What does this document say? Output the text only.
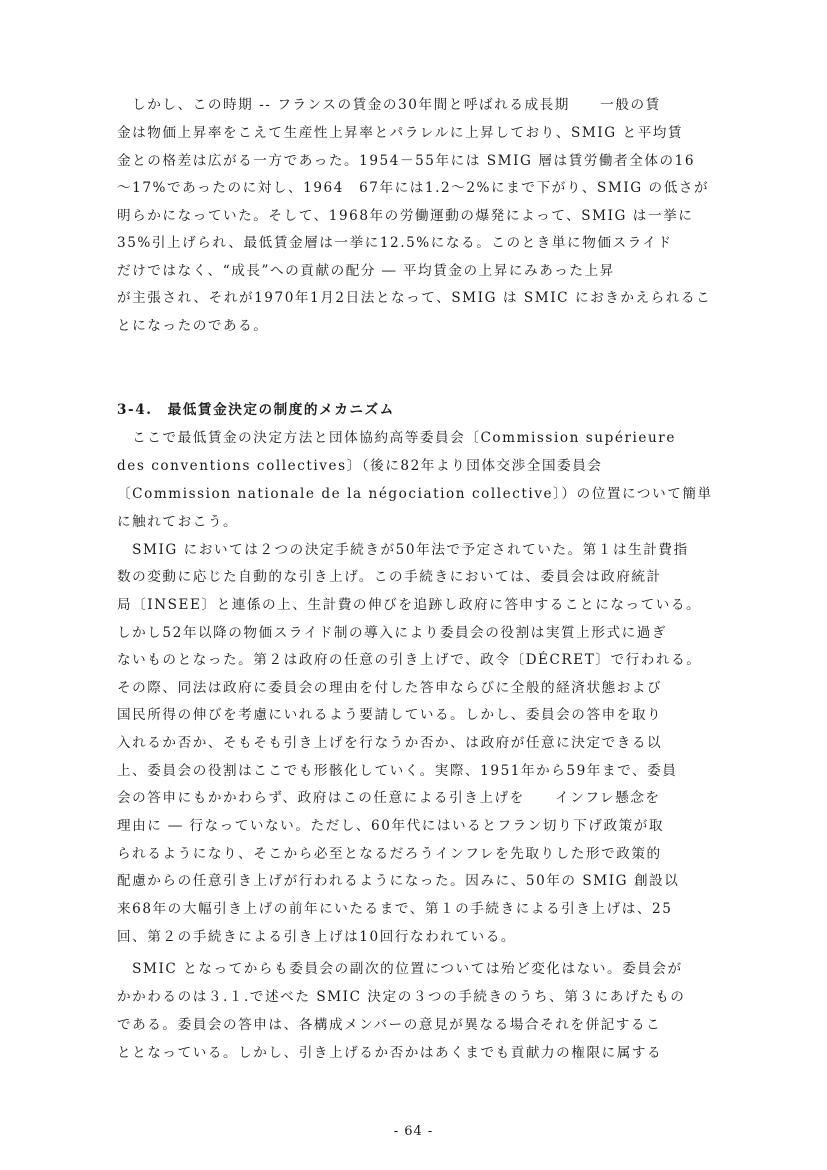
　しかし、この時期 -- フランスの賃金の30年間と呼ばれる成長期　　一般の賃
金は物価上昇率をこえて生産性上昇率とパラレルに上昇しており、SMIG と平均賃
金との格差は広がる一方であった。1954－55年には SMIG 層は賃労働者全体の16
～17%であったのに対し、1964　67年には1.2～2%にまで下がり、SMIG の低さが
明らかになっていた。そして、1968年の労働運動の爆発によって、SMIG は一挙に
35%引上げられ、最低賃金層は一挙に12.5%になる。このとき単に物価スライド
だけではなく、“成長”への貢献の配分 ― 平均賃金の上昇にみあった上昇
が主張され、それが1970年1月2日法となって、SMIG は SMIC におきかえられるこ
とになったのである。
3-4.　最低賃金決定の制度的メカニズム
　ここで最低賃金の決定方法と団体協約高等委員会〔Commission supérieure
des conventions collectives〕（後に82年より団体交渉全国委員会
〔Commission nationale de la négociation collective〕）の位置について簡単
に触れておこう。
　SMIG においては２つの決定手続きが50年法で予定されていた。第１は生計費指
数の変動に応じた自動的な引き上げ。この手続きにおいては、委員会は政府統計
局〔INSEE〕と連係の上、生計費の伸びを追跡し政府に答申することになっている。
しかし52年以降の物価スライド制の導入により委員会の役割は実質上形式に過ぎ
ないものとなった。第２は政府の任意の引き上げで、政令〔DÉCRET〕で行われる。
その際、同法は政府に委員会の理由を付した答申ならびに全般的経済状態および
国民所得の伸びを考慮にいれるよう要請している。しかし、委員会の答申を取り
入れるか否か、そもそも引き上げを行なうか否か、は政府が任意に決定できる以
上、委員会の役割はここでも形骸化していく。実際、1951年から59年まで、委員
会の答申にもかかわらず、政府はこの任意による引き上げを　　インフレ懸念を
理由に ― 行なっていない。ただし、60年代にはいるとフラン切り下げ政策が取
られるようになり、そこから必至となるだろうインフレを先取りした形で政策的
配慮からの任意引き上げが行われるようになった。因みに、50年の SMIG 創設以
来68年の大幅引き上げの前年にいたるまで、第１の手続きによる引き上げは、25
回、第２の手続きによる引き上げは10回行なわれている。
　SMIC となってからも委員会の副次的位置については殆ど変化はない。委員会が
かかわるのは３.１.で述べた SMIC 決定の３つの手続きのうち、第３にあげたもの
である。委員会の答申は、各構成メンバーの意見が異なる場合それを併記するこ
ととなっている。しかし、引き上げるか否かはあくまでも貢献力の権限に属する
- 64 -
